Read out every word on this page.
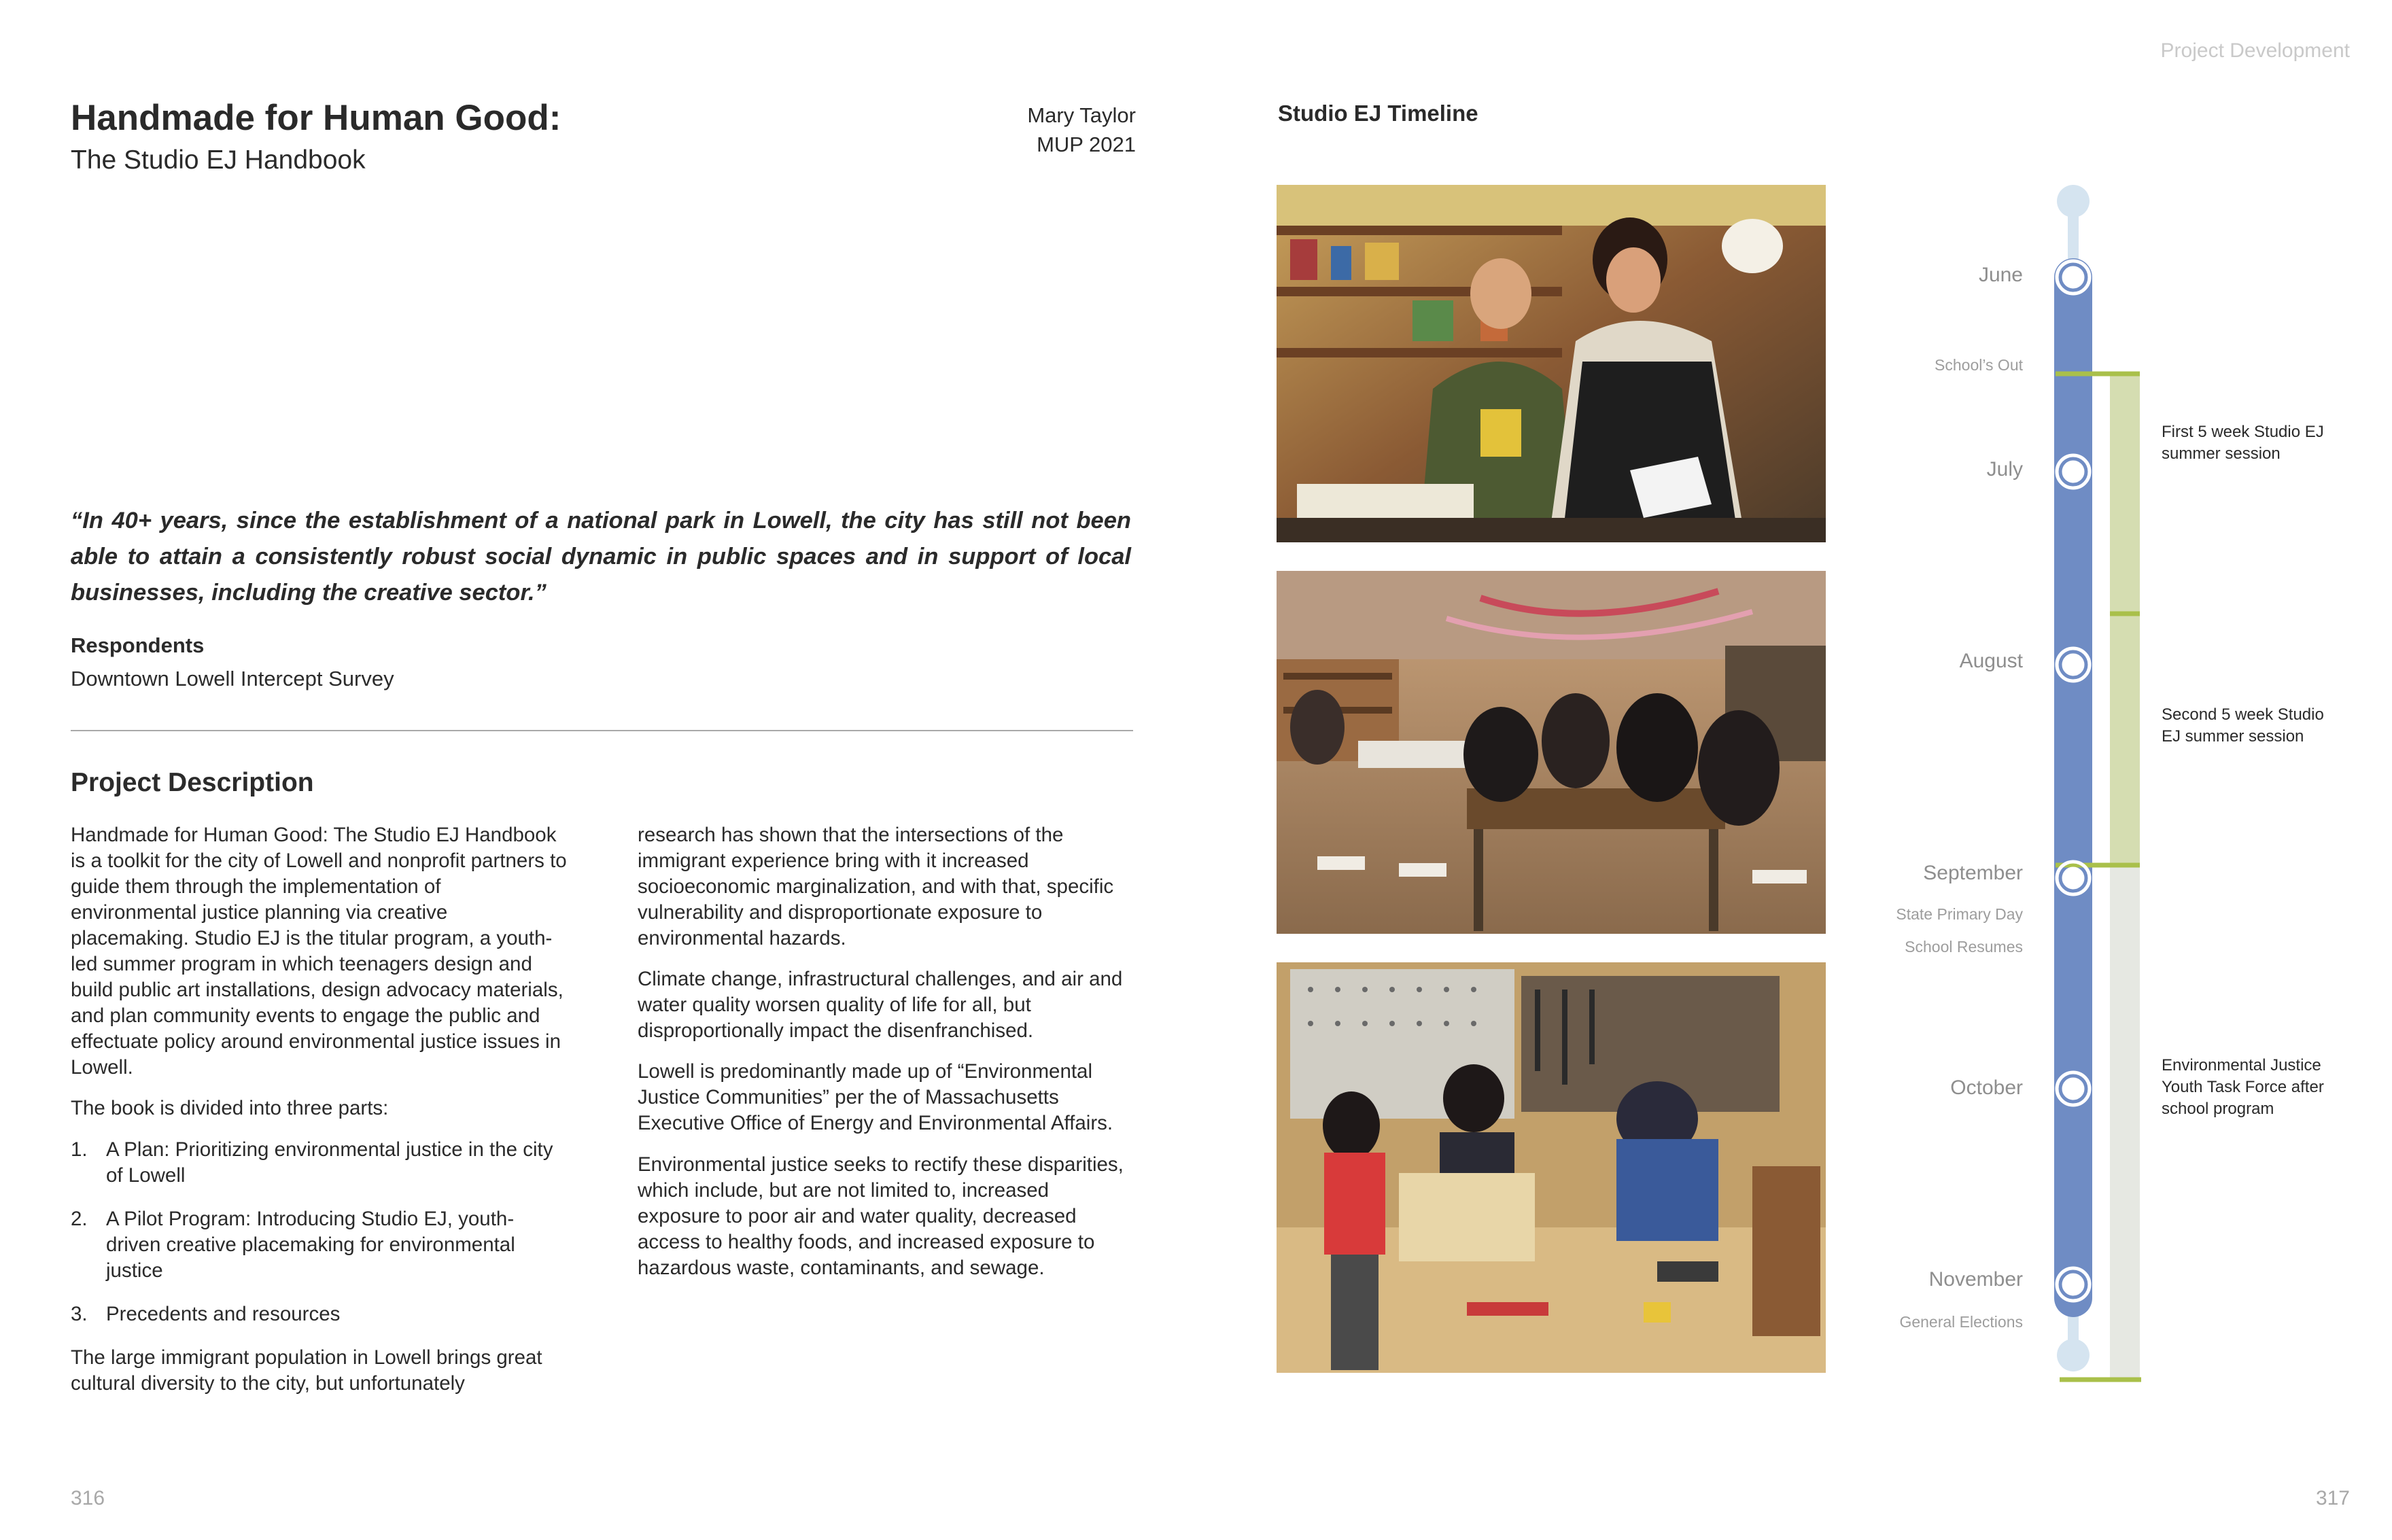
Project Development
Handmade for Human Good:
The Studio EJ Handbook
Mary Taylor
MUP 2021
“In 40+ years, since the establishment of a national park in Lowell, the city has still not been able to attain a consistently robust social dynamic in public spaces and in support of local businesses, including the creative sector.”
Respondents
Downtown Lowell Intercept Survey
Project Description

Handmade for Human Good: The Studio EJ Handbook is a toolkit for the city of Lowell and nonprofit partners to guide them through the implementation of environmental justice planning via creative placemaking. Studio EJ is the titular program, a youth-led summer program in which teenagers design and build public art installations, design advocacy materials, and plan community events to engage the public and effectuate policy around environmental justice issues in Lowell.

The book is divided into three parts:

1. A Plan: Prioritizing environmental justice in the city of Lowell
2. A Pilot Program: Introducing Studio EJ, youth-driven creative placemaking for environmental justice
3. Precedents and resources

The large immigrant population in Lowell brings great cultural diversity to the city, but unfortunately

research has shown that the intersections of the immigrant experience bring with it increased socioeconomic marginalization, and with that, specific vulnerability and disproportionate exposure to environmental hazards.

Climate change, infrastructural challenges, and air and water quality worsen quality of life for all, but disproportionally impact the disenfranchised.

Lowell is predominantly made up of “Environmental Justice Communities” per the of Massachusetts Executive Office of Energy and Environmental Affairs.

Environmental justice seeks to rectify these disparities, which include, but are not limited to, increased exposure to poor air and water quality, decreased access to healthy foods, and increased exposure to hazardous waste, contaminants, and sewage.

316
Studio EJ Timeline
June
July
August
September
October
November
School’s Out
State Primary Day
School Resumes
General Elections
First 5 week Studio EJ summer session
Second 5 week Studio EJ summer session
Environmental Justice Youth Task Force after school program
317
